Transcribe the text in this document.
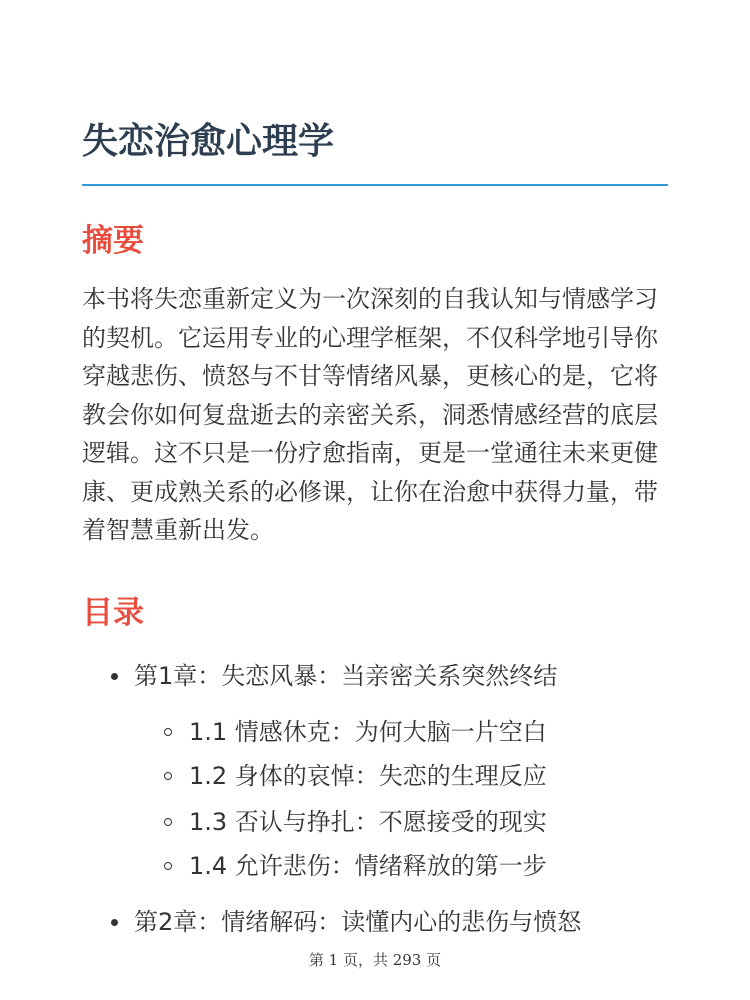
失恋治愈心理学
摘要

本书将失恋重新定义为一次深刻的自我认知与情感学习的契机。它运用专业的心理学框架，不仅科学地引导你穿越悲伤、愤怒与不甘等情绪风暴，更核心的是，它将教会你如何复盘逝去的亲密关系，洞悉情感经营的底层逻辑。这不只是一份疗愈指南，更是一堂通往未来更健康、更成熟关系的必修课，让你在治愈中获得力量，带着智慧重新出发。

目录
第1章：失恋风暴：当亲密关系突然终结
1.1 情感休克：为何大脑一片空白
1.2 身体的哀悼：失恋的生理反应
1.3 否认与挣扎：不愿接受的现实
1.4 允许悲伤：情绪释放的第一步
第2章：情绪解码：读懂内心的悲伤与愤怒
第 1 页，共 293 页
